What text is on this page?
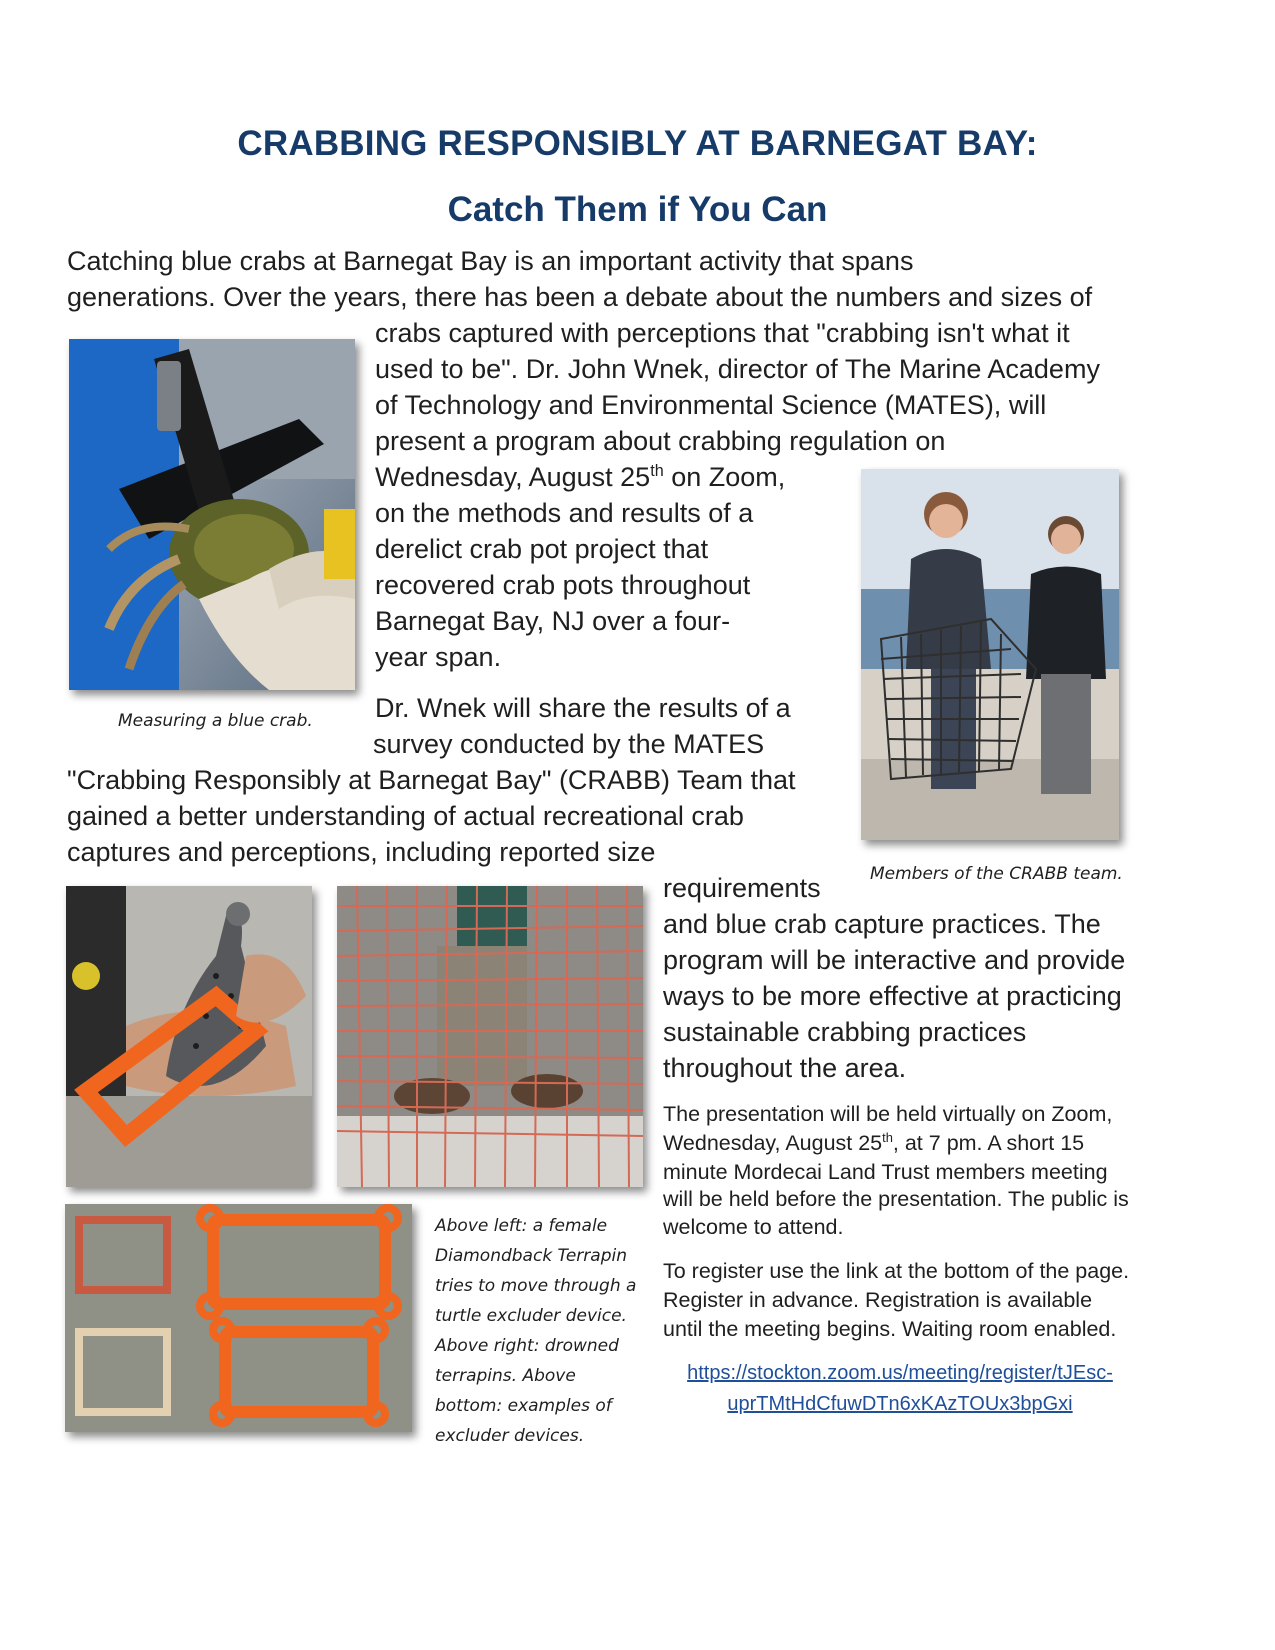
CRABBING RESPONSIBLY AT BARNEGAT BAY:
Catch Them if You Can
Catching blue crabs at Barnegat Bay is an important activity that spans
generations. Over the years, there has been a debate about the numbers and sizes of
crabs captured with perceptions that "crabbing isn't what it
used to be". Dr. John Wnek, director of The Marine Academy
of Technology and Environmental Science (MATES), will
present a program about crabbing regulation on
Wednesday, August 25th on Zoom,
on the methods and results of a
derelict crab pot project that
recovered crab pots throughout
Barnegat Bay, NJ over a four-
year span.
Dr. Wnek will share the results of a
survey conducted by the MATES
"Crabbing Responsibly at Barnegat Bay" (CRABB) Team that
gained a better understanding of actual recreational crab
captures and perceptions, including reported size
requirements
and blue crab capture practices. The
program will be interactive and provide
ways to be more effective at practicing
sustainable crabbing practices
throughout the area.
The presentation will be held virtually on Zoom,
Wednesday, August 25th, at 7 pm. A short 15
minute Mordecai Land Trust members meeting
will be held before the presentation. The public is
welcome to attend.
To register use the link at the bottom of the page.
Register in advance. Registration is available
until the meeting begins. Waiting room enabled.
https://stockton.zoom.us/meeting/register/tJEsc-
uprTMtHdCfuwDTn6xKAzTOUx3bpGxi
Measuring a blue crab.
Members of the CRABB team.
Above left: a female
Diamondback Terrapin
tries to move through a
turtle excluder device.
Above right: drowned
terrapins. Above
bottom: examples of
excluder devices.
